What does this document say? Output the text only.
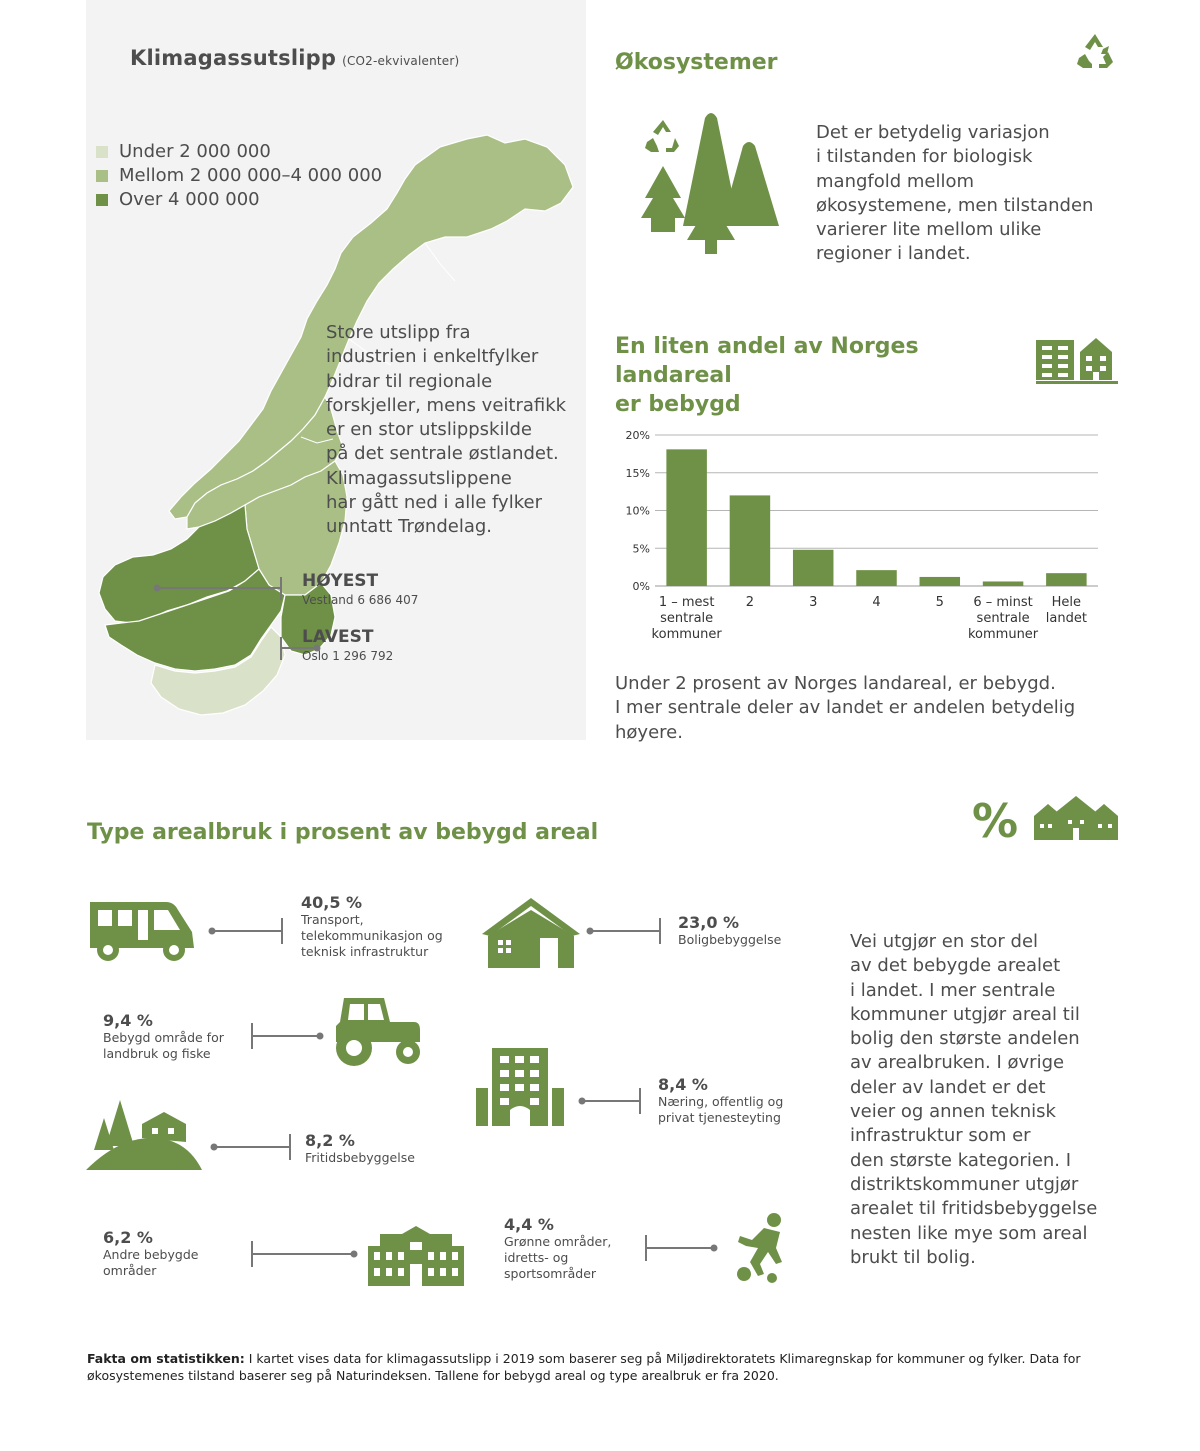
Klimagassutslipp (CO2-ekvivalenter)
Under 2 000 000
Mellom 2 000 000–4 000 000
Over 4 000 000
Store utslipp fra
industrien i enkeltfylker
bidrar til regionale
forskjeller, mens veitrafikk
er en stor utslippskilde
på det sentrale østlandet.
Klimagassutslippene
har gått ned i alle fylker
unntatt Trøndelag.
HØYEST
Vestland 6 686 407
LAVEST
Oslo 1 296 792
Økosystemer
Det er betydelig variasjon
i tilstanden for biologisk
mangfold mellom
økosystemene, men tilstanden
varierer lite mellom ulike
regioner i landet.
En liten andel av Norges landareal
er bebygd
0%
5%
10%
15%
20%
1 – mest
sentrale
kommuner
2	3	4	5 6 – minst
sentrale
kommuner
Hele
landet
Under 2 prosent av Norges landareal, er bebygd.
I mer sentrale deler av landet er andelen betydelig
høyere.
Type arealbruk i prosent av bebygd areal	%
40,5 %
Transport,
telekommunikasjon og
teknisk infrastruktur
23,0 %
Boligbebyggelse
9,4 %
Bebygd område for
landbruk og fiske
8,4 %
Næring, offentlig og
privat tjenesteyting
8,2 %
Fritidsbebyggelse
6,2 %
Andre bebygde
områder
4,4 %
Grønne områder,
idretts- og
sportsområder
Vei utgjør en stor del
av det bebygde arealet
i landet. I mer sentrale
kommuner utgjør areal til
bolig den største andelen
av arealbruken. I øvrige
deler av landet er det
veier og annen teknisk
infrastruktur som er
den største kategorien. I
distriktskommuner utgjør
arealet til fritidsbebyggelse
nesten like mye som areal
brukt til bolig.
Fakta om statistikken: I kartet vises data for klimagassutslipp i 2019 som baserer seg på Miljødirektoratets Klimaregnskap for kommuner og fylker. Data for økosystemenes tilstand baserer seg på Naturindeksen. Tallene for bebygd areal og type arealbruk er fra 2020.
